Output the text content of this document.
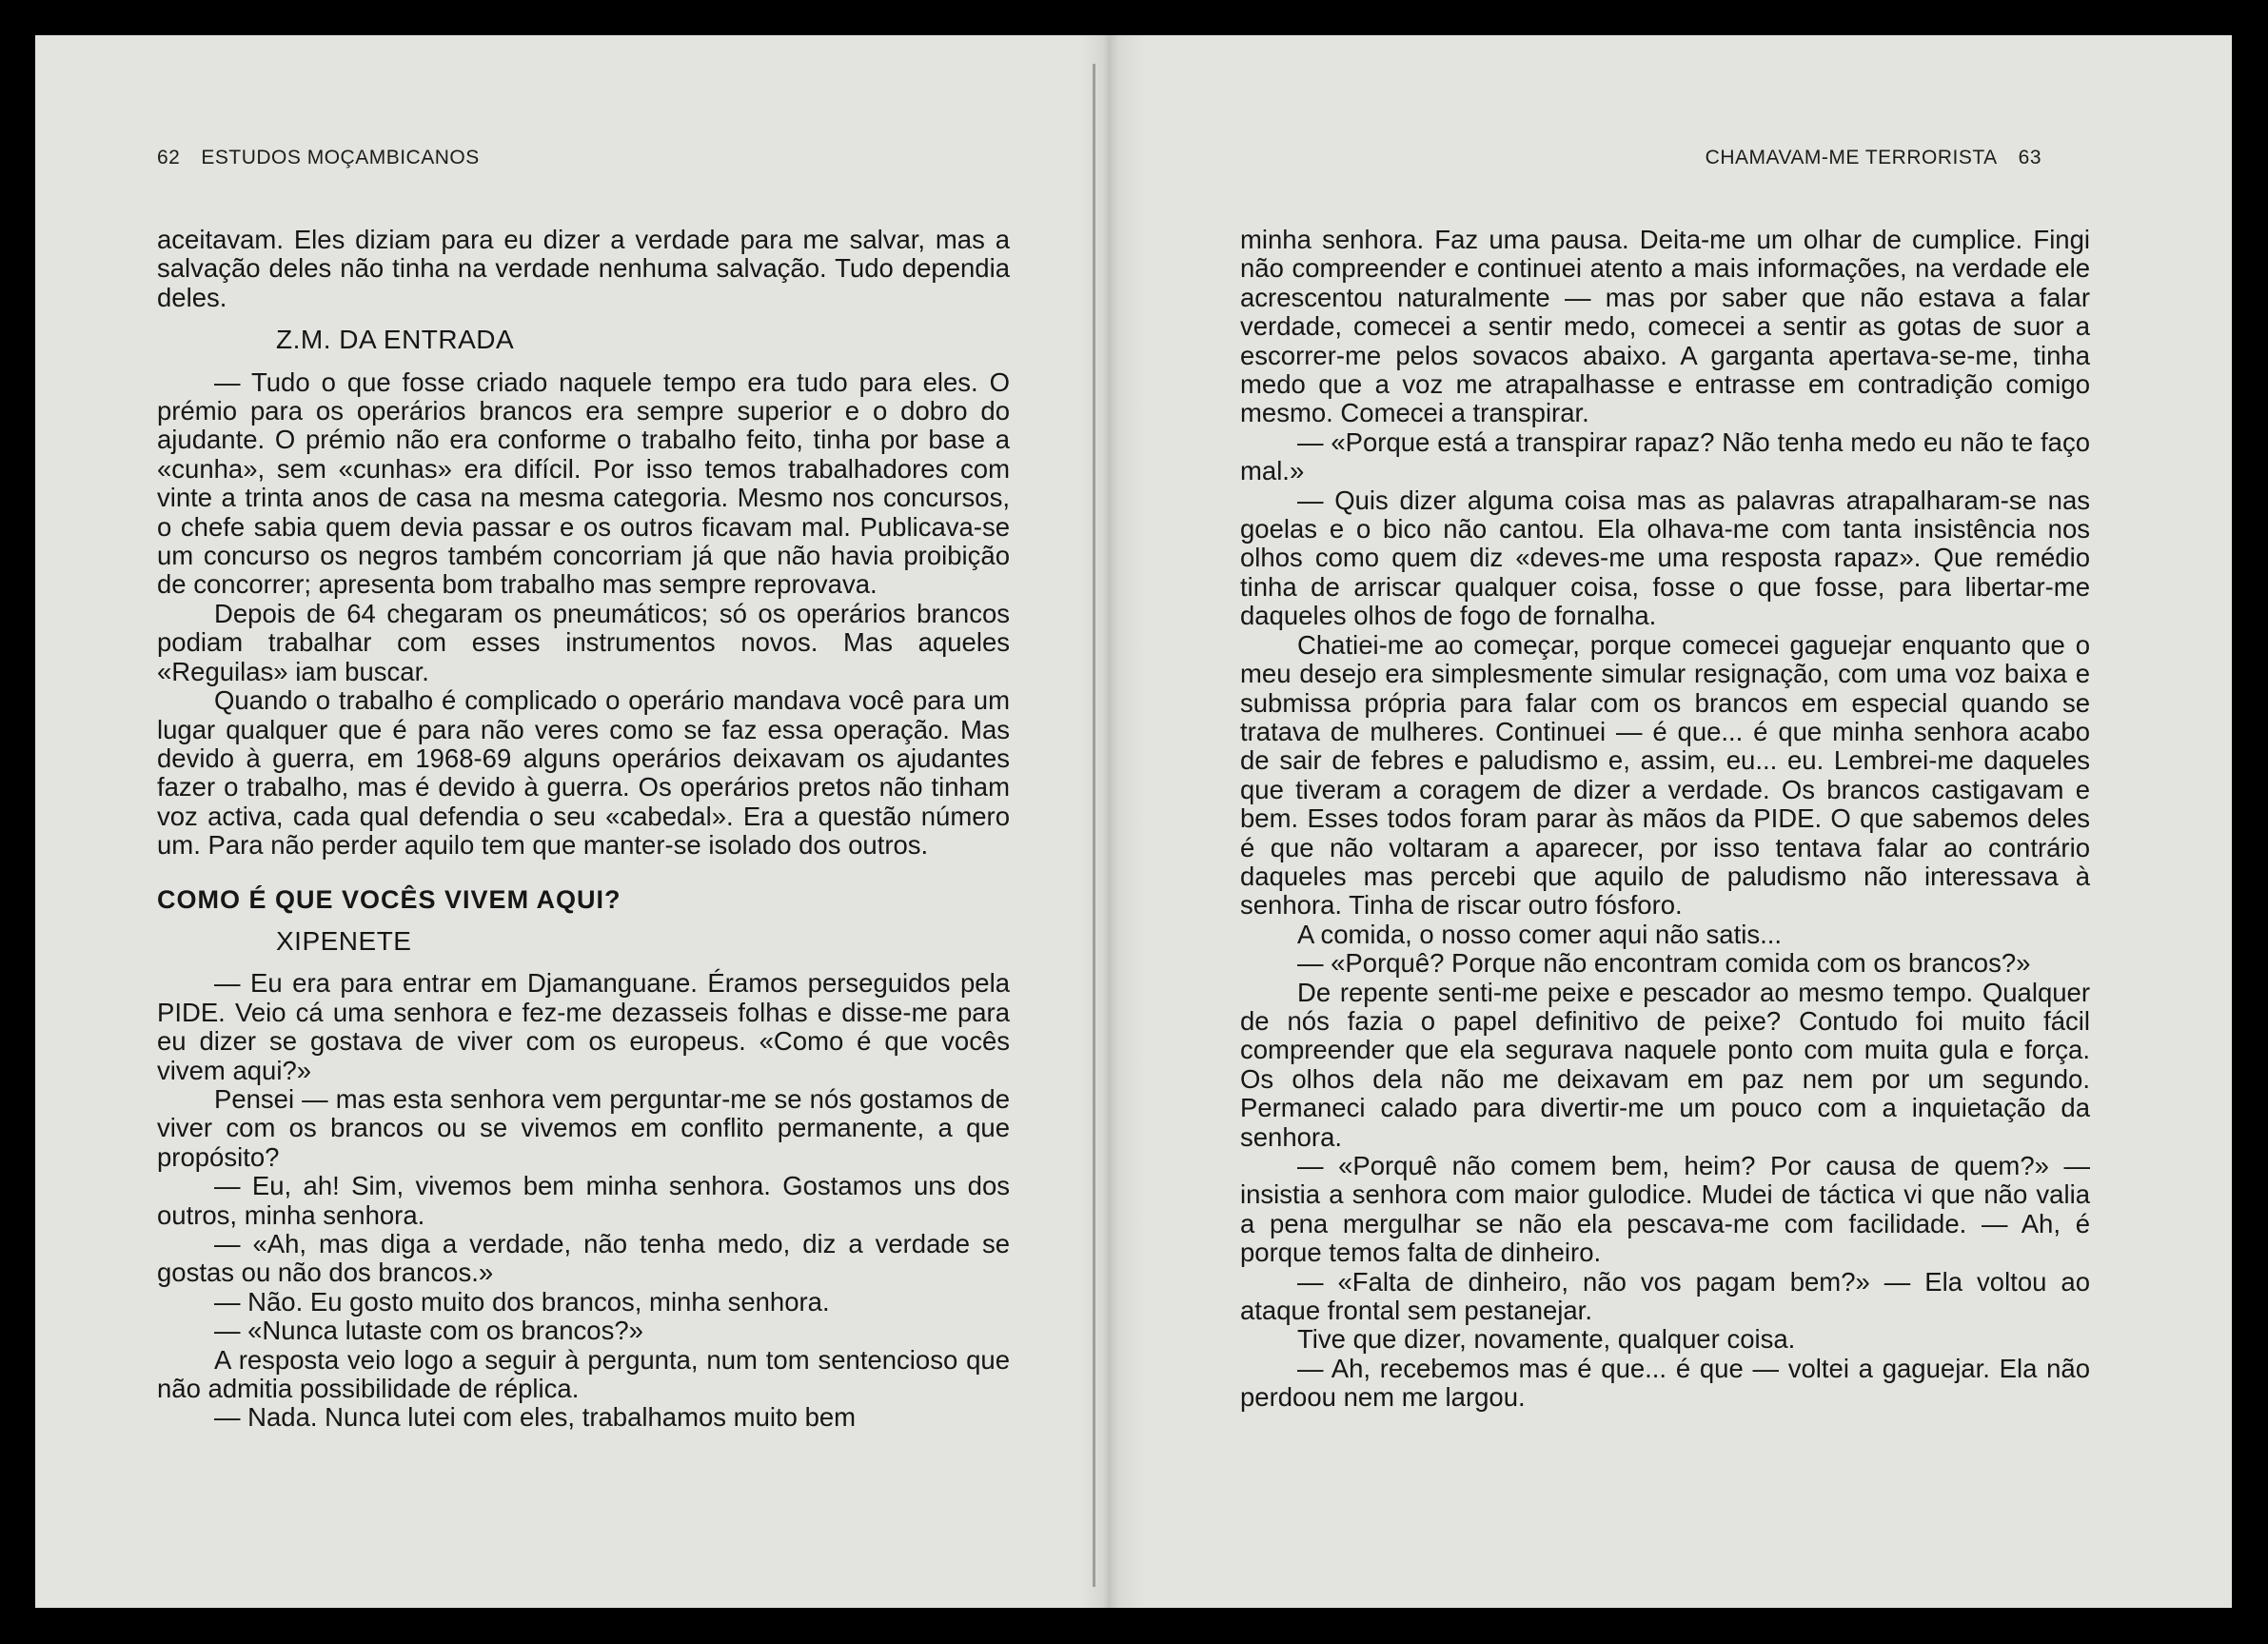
62 ESTUDOS MOÇAMBICANOS

aceitavam. Eles diziam para eu dizer a verdade para me salvar, mas a salvação deles não tinha na verdade nenhuma salvação. Tudo dependia deles.

Z.M. DA ENTRADA

— Tudo o que fosse criado naquele tempo era tudo para eles. O prémio para os operários brancos era sempre superior e o dobro do ajudante. O prémio não era conforme o trabalho feito, tinha por base a «cunha», sem «cunhas» era difícil. Por isso temos trabalhadores com vinte a trinta anos de casa na mesma categoria. Mesmo nos concursos, o chefe sabia quem devia passar e os outros ficavam mal. Publicava-se um concurso os negros também concorriam já que não havia proibição de concorrer; apresenta bom trabalho mas sempre reprovava.

Depois de 64 chegaram os pneumáticos; só os operários brancos podiam trabalhar com esses instrumentos novos. Mas aqueles «Reguilas» iam buscar.

Quando o trabalho é complicado o operário mandava você para um lugar qualquer que é para não veres como se faz essa operação. Mas devido à guerra, em 1968-69 alguns operários deixavam os ajudantes fazer o trabalho, mas é devido à guerra. Os operários pretos não tinham voz activa, cada qual defendia o seu «cabedal». Era a questão número um. Para não perder aquilo tem que manter-se isolado dos outros.

COMO É QUE VOCÊS VIVEM AQUI?
XIPENETE

— Eu era para entrar em Djamanguane. Éramos perseguidos pela PIDE. Veio cá uma senhora e fez-me dezasseis folhas e disse-me para eu dizer se gostava de viver com os europeus. «Como é que vocês vivem aqui?»

Pensei — mas esta senhora vem perguntar-me se nós gostamos de viver com os brancos ou se vivemos em conflito permanente, a que propósito?

— Eu, ah! Sim, vivemos bem minha senhora. Gostamos uns dos outros, minha senhora.

— «Ah, mas diga a verdade, não tenha medo, diz a verdade se gostas ou não dos brancos.»

— Não. Eu gosto muito dos brancos, minha senhora.

— «Nunca lutaste com os brancos?»

A resposta veio logo a seguir à pergunta, num tom sentencioso que não admitia possibilidade de réplica.

— Nada. Nunca lutei com eles, trabalhamos muito bem

CHAMAVAM-ME TERRORISTA 63

minha senhora. Faz uma pausa. Deita-me um olhar de cumplice. Fingi não compreender e continuei atento a mais informações, na verdade ele acrescentou naturalmente — mas por saber que não estava a falar verdade, comecei a sentir medo, comecei a sentir as gotas de suor a escorrer-me pelos sovacos abaixo. A garganta apertava-se-me, tinha medo que a voz me atrapalhasse e entrasse em contradição comigo mesmo. Comecei a transpirar.

— «Porque está a transpirar rapaz? Não tenha medo eu não te faço mal.»

— Quis dizer alguma coisa mas as palavras atrapalharam-se nas goelas e o bico não cantou. Ela olhava-me com tanta insistência nos olhos como quem diz «deves-me uma resposta rapaz». Que remédio tinha de arriscar qualquer coisa, fosse o que fosse, para libertar-me daqueles olhos de fogo de fornalha.

Chatiei-me ao começar, porque comecei gaguejar enquanto que o meu desejo era simplesmente simular resignação, com uma voz baixa e submissa própria para falar com os brancos em especial quando se tratava de mulheres. Continuei — é que... é que minha senhora acabo de sair de febres e paludismo e, assim, eu... eu. Lembrei-me daqueles que tiveram a coragem de dizer a verdade. Os brancos castigavam e bem. Esses todos foram parar às mãos da PIDE. O que sabemos deles é que não voltaram a aparecer, por isso tentava falar ao contrário daqueles mas percebi que aquilo de paludismo não interessava à senhora. Tinha de riscar outro fósforo.

A comida, o nosso comer aqui não satis...

— «Porquê? Porque não encontram comida com os brancos?»

De repente senti-me peixe e pescador ao mesmo tempo. Qualquer de nós fazia o papel definitivo de peixe? Contudo foi muito fácil compreender que ela segurava naquele ponto com muita gula e força. Os olhos dela não me deixavam em paz nem por um segundo. Permaneci calado para divertir-me um pouco com a inquietação da senhora.

— «Porquê não comem bem, heim? Por causa de quem?» — insistia a senhora com maior gulodice. Mudei de táctica vi que não valia a pena mergulhar se não ela pescava-me com facilidade. — Ah, é porque temos falta de dinheiro.

— «Falta de dinheiro, não vos pagam bem?» — Ela voltou ao ataque frontal sem pestanejar.

Tive que dizer, novamente, qualquer coisa.

— Ah, recebemos mas é que... é que — voltei a gaguejar. Ela não perdoou nem me largou.
